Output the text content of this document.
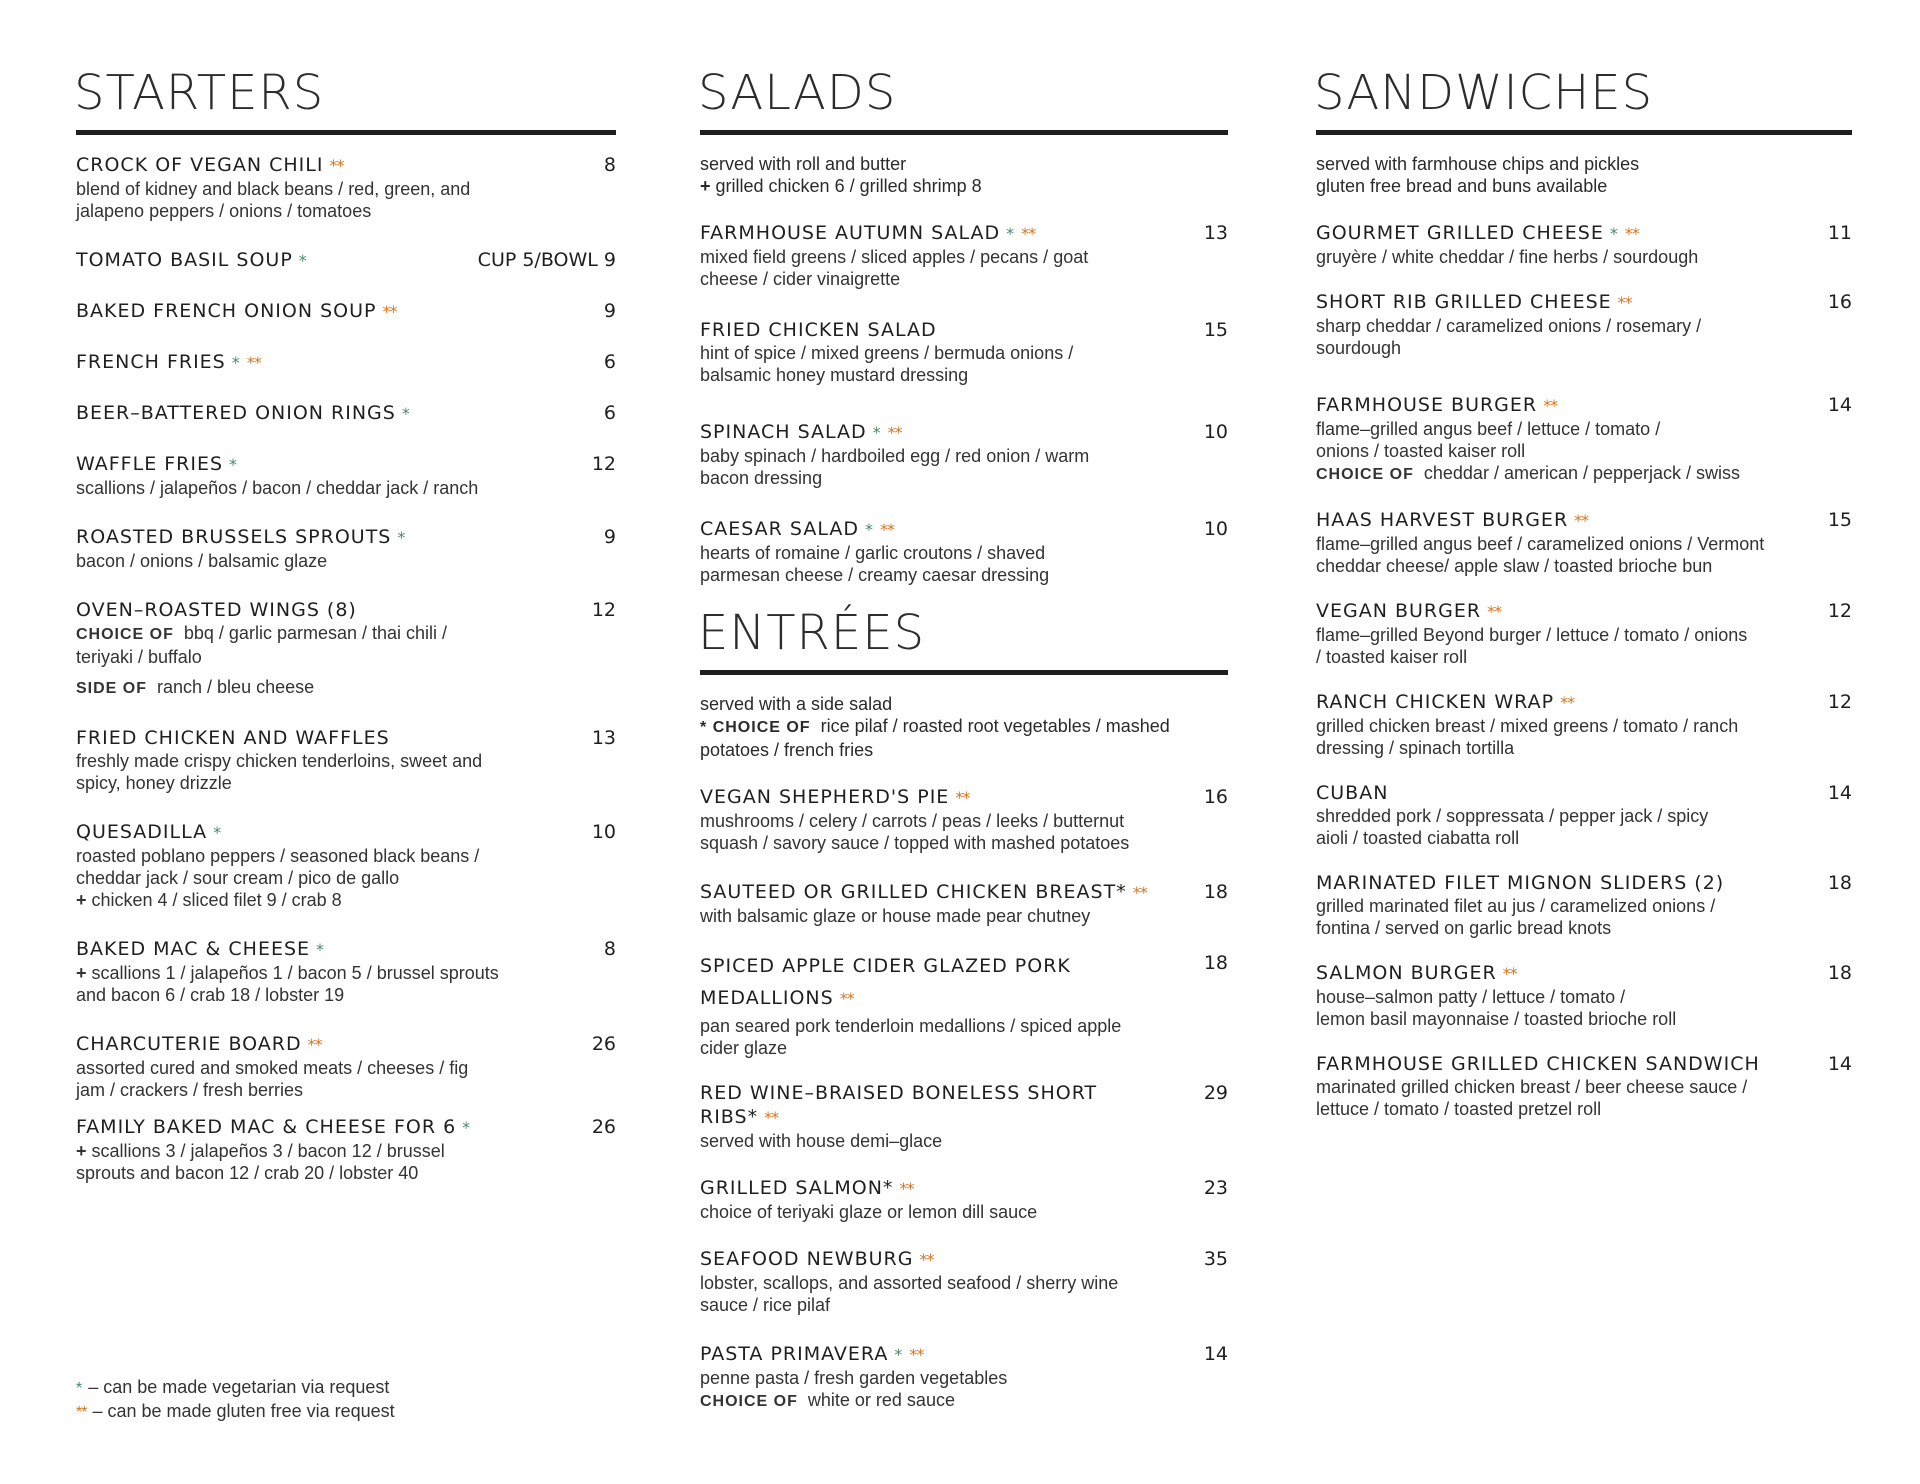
STARTERS
CROCK OF VEGAN CHILI **	8
blend of kidney and black beans / red, green, and
jalapeno peppers / onions / tomatoes
TOMATO BASIL SOUP *	CUP 5/BOWL 9
BAKED FRENCH ONION SOUP **	9
FRENCH FRIES * **	6
BEER–BATTERED ONION RINGS *	6
WAFFLE FRIES *	12
scallions / jalapeños / bacon / cheddar jack / ranch
ROASTED BRUSSELS SPROUTS *	9
bacon / onions / balsamic glaze
OVEN–ROASTED WINGS (8)	12
CHOICE OF bbq / garlic parmesan / thai chili /
teriyaki / buffalo
SIDE OF ranch / bleu cheese
FRIED CHICKEN AND WAFFLES	13
freshly made crispy chicken tenderloins, sweet and
spicy, honey drizzle
QUESADILLA *	10
roasted poblano peppers / seasoned black beans /
cheddar jack / sour cream / pico de gallo
+ chicken 4 / sliced filet 9 / crab 8
BAKED MAC & CHEESE *	8
+ scallions 1 / jalapeños 1 / bacon 5 / brussel sprouts
and bacon 6 / crab 18 / lobster 19
CHARCUTERIE BOARD **	26
assorted cured and smoked meats / cheeses / fig
jam / crackers / fresh berries
FAMILY BAKED MAC & CHEESE FOR 6 *	26
+ scallions 3 / jalapeños 3 / bacon 12 / brussel
sprouts and bacon 12 / crab 20 / lobster 40
SALADS
served with roll and butter
+ grilled chicken 6 / grilled shrimp 8
FARMHOUSE AUTUMN SALAD * **	13
mixed field greens / sliced apples / pecans / goat
cheese / cider vinaigrette
FRIED CHICKEN SALAD	15
hint of spice / mixed greens / bermuda onions /
balsamic honey mustard dressing
SPINACH SALAD * **	10
baby spinach / hardboiled egg / red onion / warm
bacon dressing
CAESAR SALAD * **	10
hearts of romaine / garlic croutons / shaved
parmesan cheese / creamy caesar dressing
ENTRÉES
served with a side salad
* CHOICE OF rice pilaf / roasted root vegetables / mashed
potatoes / french fries
VEGAN SHEPHERD'S PIE **	16
mushrooms / celery / carrots / peas / leeks / butternut
squash / savory sauce / topped with mashed potatoes
SAUTEED OR GRILLED CHICKEN BREAST* **	18
with balsamic glaze or house made pear chutney
SPICED APPLE CIDER GLAZED PORK
MEDALLIONS **
18
pan seared pork tenderloin medallions / spiced apple
cider glaze
RED WINE–BRAISED BONELESS SHORT RIBS* **
29
served with house demi–glace
GRILLED SALMON* **	23
choice of teriyaki glaze or lemon dill sauce
SEAFOOD NEWBURG **	35
lobster, scallops, and assorted seafood / sherry wine
sauce / rice pilaf
PASTA PRIMAVERA * **	14
penne pasta / fresh garden vegetables
CHOICE OF white or red sauce
SANDWICHES
served with farmhouse chips and pickles
gluten free bread and buns available
GOURMET GRILLED CHEESE * **	11
gruyère / white cheddar / fine herbs / sourdough
SHORT RIB GRILLED CHEESE **	16
sharp cheddar / caramelized onions / rosemary /
sourdough
FARMHOUSE BURGER **	14
flame–grilled angus beef / lettuce / tomato /
onions / toasted kaiser roll
CHOICE OF cheddar / american / pepperjack / swiss
HAAS HARVEST BURGER **	15
flame–grilled angus beef / caramelized onions / Vermont
cheddar cheese/ apple slaw / toasted brioche bun
VEGAN BURGER **	12
flame–grilled Beyond burger / lettuce / tomato / onions
/ toasted kaiser roll
RANCH CHICKEN WRAP **	12
grilled chicken breast / mixed greens / tomato / ranch
dressing / spinach tortilla
CUBAN	14
shredded pork / soppressata / pepper jack / spicy
aioli / toasted ciabatta roll
MARINATED FILET MIGNON SLIDERS (2)	18
grilled marinated filet au jus / caramelized onions /
fontina / served on garlic bread knots
SALMON BURGER **	18
house–salmon patty / lettuce / tomato /
lemon basil mayonnaise / toasted brioche roll
FARMHOUSE GRILLED CHICKEN SANDWICH	14
marinated grilled chicken breast / beer cheese sauce /
lettuce / tomato / toasted pretzel roll
* – can be made vegetarian via request
** – can be made gluten free via request
